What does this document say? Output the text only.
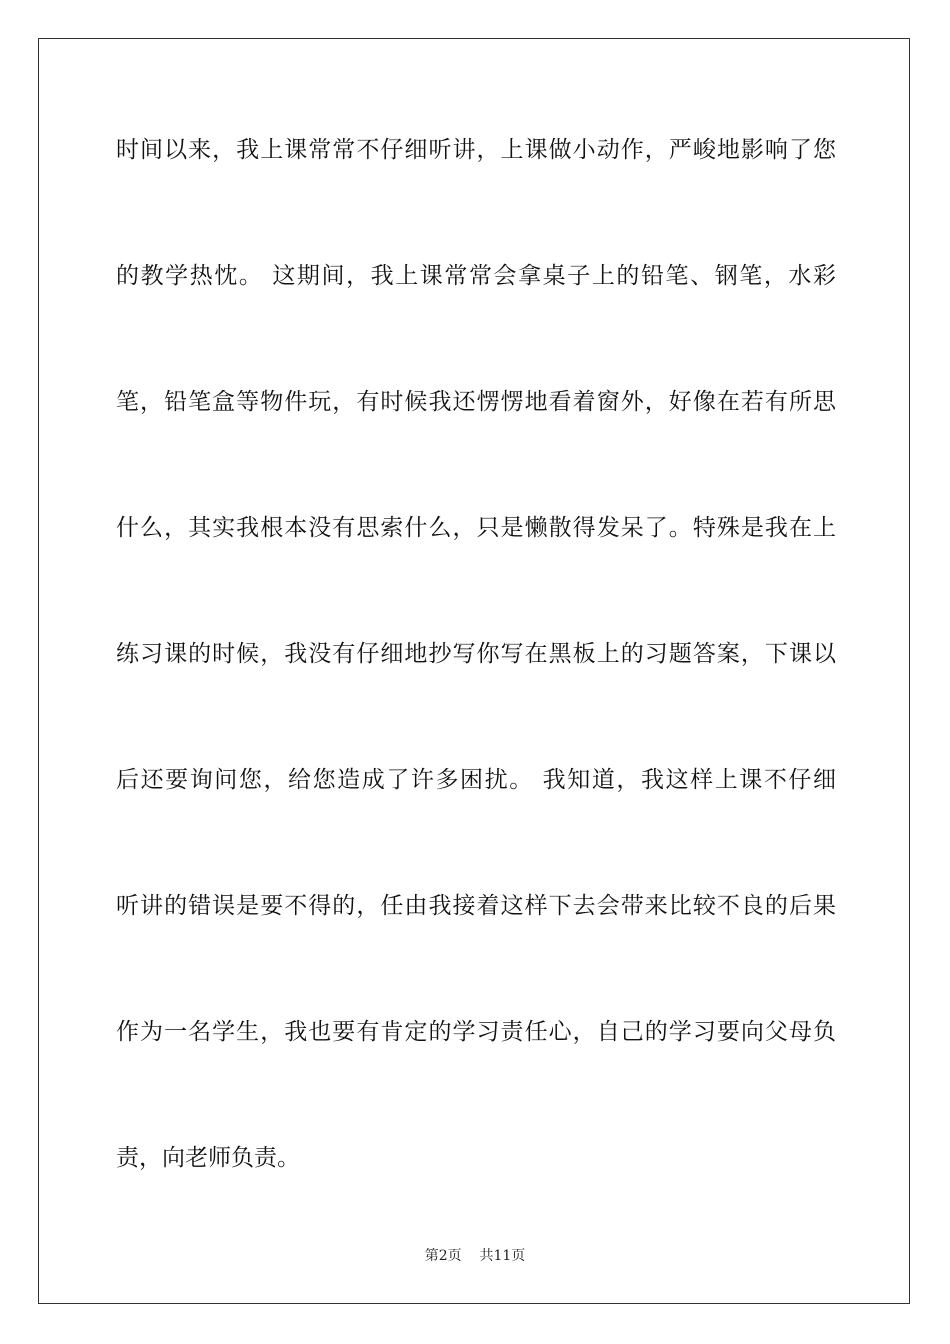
时间以来，我上课常常不仔细听讲，上课做小动作，严峻地影响了您
的教学热忱。 这期间，我上课常常会拿桌子上的铅笔、钢笔，水彩
笔，铅笔盒等物件玩，有时候我还愣愣地看着窗外，好像在若有所思
什么，其实我根本没有思索什么，只是懒散得发呆了。特殊是我在上
练习课的时候，我没有仔细地抄写你写在黑板上的习题答案，下课以
后还要询问您，给您造成了许多困扰。 我知道，我这样上课不仔细
听讲的错误是要不得的，任由我接着这样下去会带来比较不良的后果
作为一名学生，我也要有肯定的学习责任心，自己的学习要向父母负
责，向老师负责。
第2页 共11页
